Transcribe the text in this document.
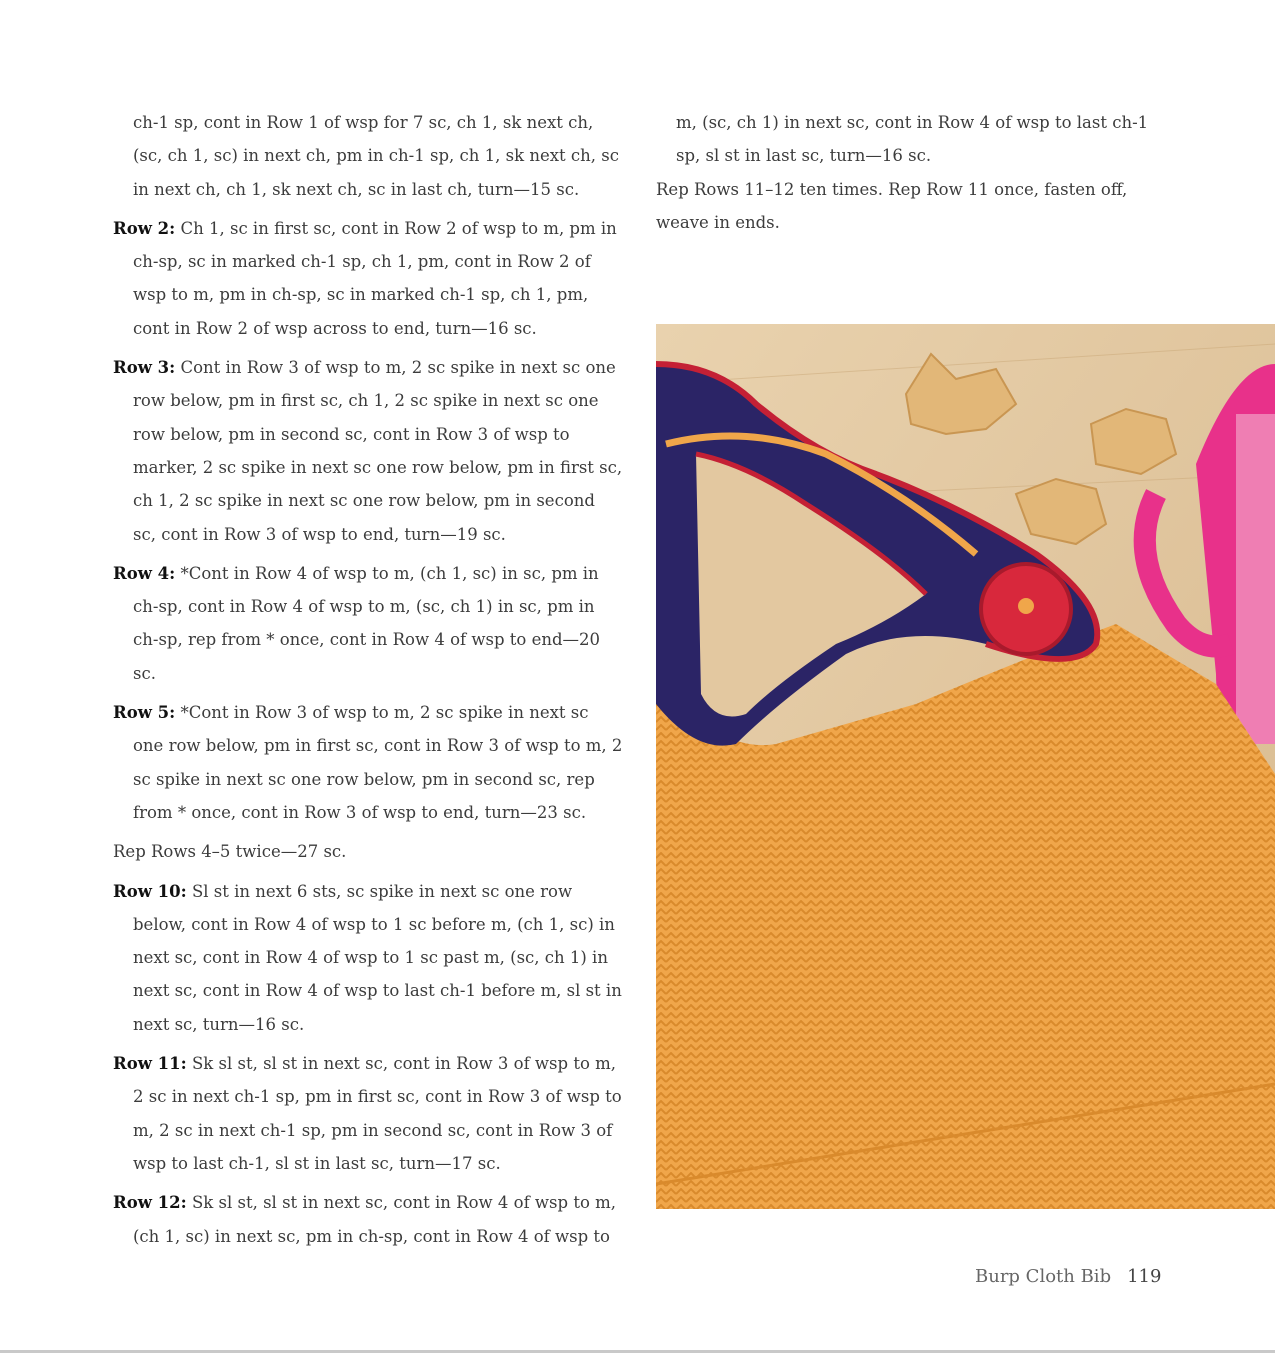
ch-1 sp, cont in Row 1 of wsp for 7 sc, ch 1, sk next ch, (sc, ch 1, sc) in next ch, pm in ch-1 sp, ch 1, sk next ch, sc in next ch, ch 1, sk next ch, sc in last ch, turn—15 sc.

Row 2: Ch 1, sc in first sc, cont in Row 2 of wsp to m, pm in ch-sp, sc in marked ch-1 sp, ch 1, pm, cont in Row 2 of wsp to m, pm in ch-sp, sc in marked ch-1 sp, ch 1, pm, cont in Row 2 of wsp across to end, turn—16 sc.

Row 3: Cont in Row 3 of wsp to m, 2 sc spike in next sc one row below, pm in first sc, ch 1, 2 sc spike in next sc one row below, pm in second sc, cont in Row 3 of wsp to marker, 2 sc spike in next sc one row below, pm in first sc, ch 1, 2 sc spike in next sc one row below, pm in second sc, cont in Row 3 of wsp to end, turn—19 sc.

Row 4: *Cont in Row 4 of wsp to m, (ch 1, sc) in sc, pm in ch-sp, cont in Row 4 of wsp to m, (sc, ch 1) in sc, pm in ch-sp, rep from * once, cont in Row 4 of wsp to end—20 sc.

Row 5: *Cont in Row 3 of wsp to m, 2 sc spike in next sc one row below, pm in first sc, cont in Row 3 of wsp to m, 2 sc spike in next sc one row below, pm in second sc, rep from * once, cont in Row 3 of wsp to end, turn—23 sc.

Rep Rows 4–5 twice—27 sc.

Row 10: Sl st in next 6 sts, sc spike in next sc one row below, cont in Row 4 of wsp to 1 sc before m, (ch 1, sc) in next sc, cont in Row 4 of wsp to 1 sc past m, (sc, ch 1) in next sc, cont in Row 4 of wsp to last ch-1 before m, sl st in next sc, turn—16 sc.

Row 11: Sk sl st, sl st in next sc, cont in Row 3 of wsp to m, 2 sc in next ch-1 sp, pm in first sc, cont in Row 3 of wsp to m, 2 sc in next ch-1 sp, pm in second sc, cont in Row 3 of wsp to last ch-1, sl st in last sc, turn—17 sc.

Row 12: Sk sl st, sl st in next sc, cont in Row 4 of wsp to m, (ch 1, sc) in next sc, pm in ch-sp, cont in Row 4 of wsp to

m, (sc, ch 1) in next sc, cont in Row 4 of wsp to last ch-1 sp, sl st in last sc, turn—16 sc.

Rep Rows 11–12 ten times. Rep Row 11 once, fasten off, weave in ends.

Burp Cloth Bib 119
